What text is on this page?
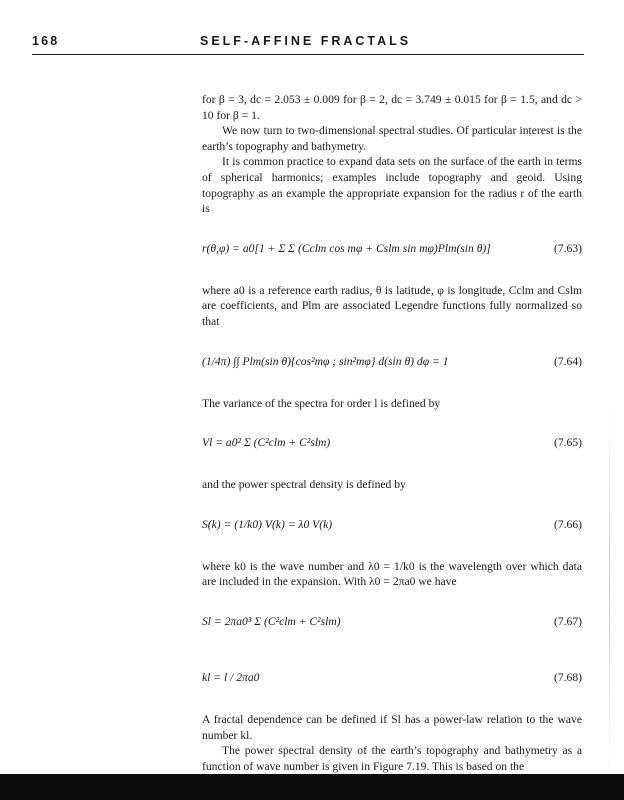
168	SELF-AFFINE FRACTALS

for β = 3, dc = 2.053 ± 0.009 for β = 2, dc = 3.749 ± 0.015 for β = 1.5, and dc > 10 for β = 1.

We now turn to two-dimensional spectral studies. Of particular interest is the earth’s topography and bathymetry.

It is common practice to expand data sets on the surface of the earth in terms of spherical harmonics; examples include topography and geoid. Using topography as an example the appropriate expansion for the radius r of the earth is

r(θ,φ) = a0[1 + Σ Σ (Cclm cos mφ + Cslm sin mφ)Plm(sin θ)]	(7.63)

where a0 is a reference earth radius, θ is latitude, φ is longitude, Cclm and Cslm are coefficients, and Plm are associated Legendre functions fully normalized so that

(1/4π) ∫∫ Plm(sin θ){cos²mφ ; sin²mφ} d(sin θ) dφ = 1	(7.64)

The variance of the spectra for order l is defined by

Vl = a0² Σ (C²clm + C²slm)	(7.65)

and the power spectral density is defined by

S(k) = (1/k0) V(k) = λ0 V(k)	(7.66)

where k0 is the wave number and λ0 = 1/k0 is the wavelength over which data are included in the expansion. With λ0 = 2πa0 we have

Sl = 2πa0³ Σ (C²clm + C²slm)	(7.67)
kl = l / 2πa0	(7.68)

A fractal dependence can be defined if Sl has a power-law relation to the wave number kl.

The power spectral density of the earth’s topography and bathymetry as a function of wave number is given in Figure 7.19. This is based on the
